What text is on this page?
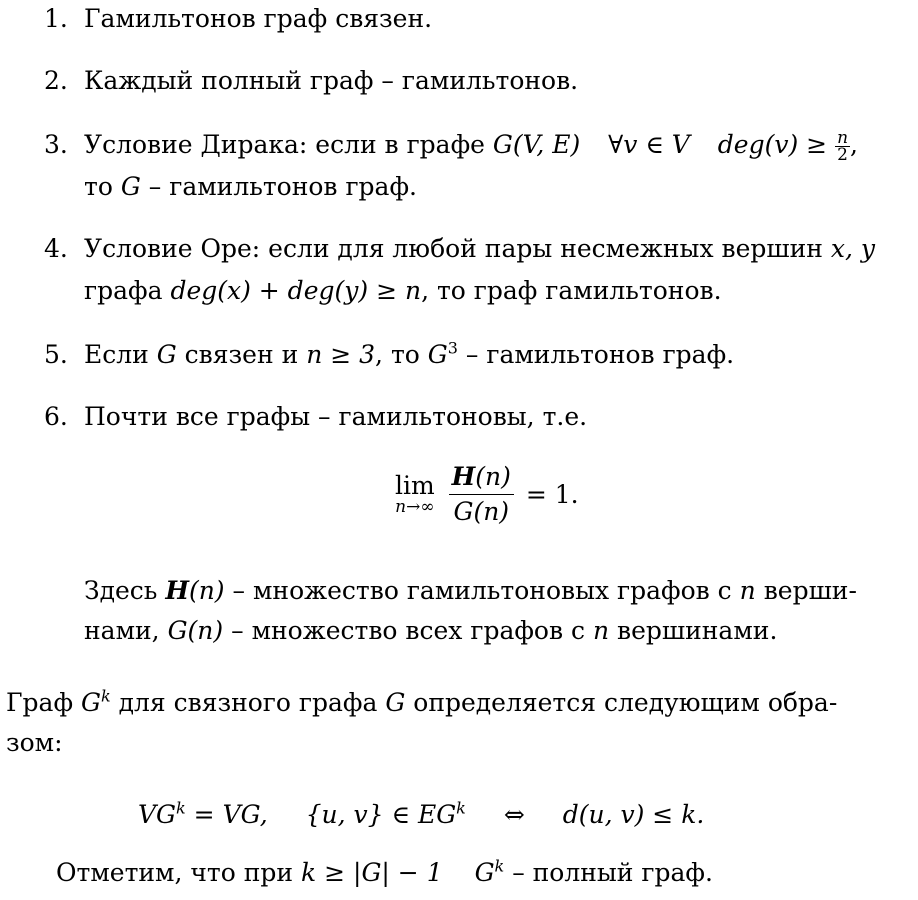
1. Гамильтонов граф связен.
2. Каждый полный граф – гамильтонов.
3. Условие Дирака: если в графе G(V, E) ∀v ∈ V $deg(v) \ge \frac{n}{2}$ ,
то G – гамильтонов граф.
4. Условие Оре: если для любой пары несмежных вершин x, y
графа deg(x) + deg(y) ≥ n, то граф гамильтонов.
5. Если G связен и n ≥ 3, то $G^3$ – гамильтонов граф.
6. Почти все графы – гамильтоновы, т.е.
lim
n→∞
$\frac{H(n)}{G(n)} = 1$.
Здесь H(n) – множество гамильтоновых графов с n верши-
нами, G(n) – множество всех графов с n вершинами.
Граф $G^k$ для связного графа G определяется следующим обра-
зом:
$VG^k$ = VG, {u, v} ∈ $EG^k$ ⇔ d(u, v) ≤ k.
Отметим, что при k ≥ |G| − 1 $G^k$ – полный граф.
